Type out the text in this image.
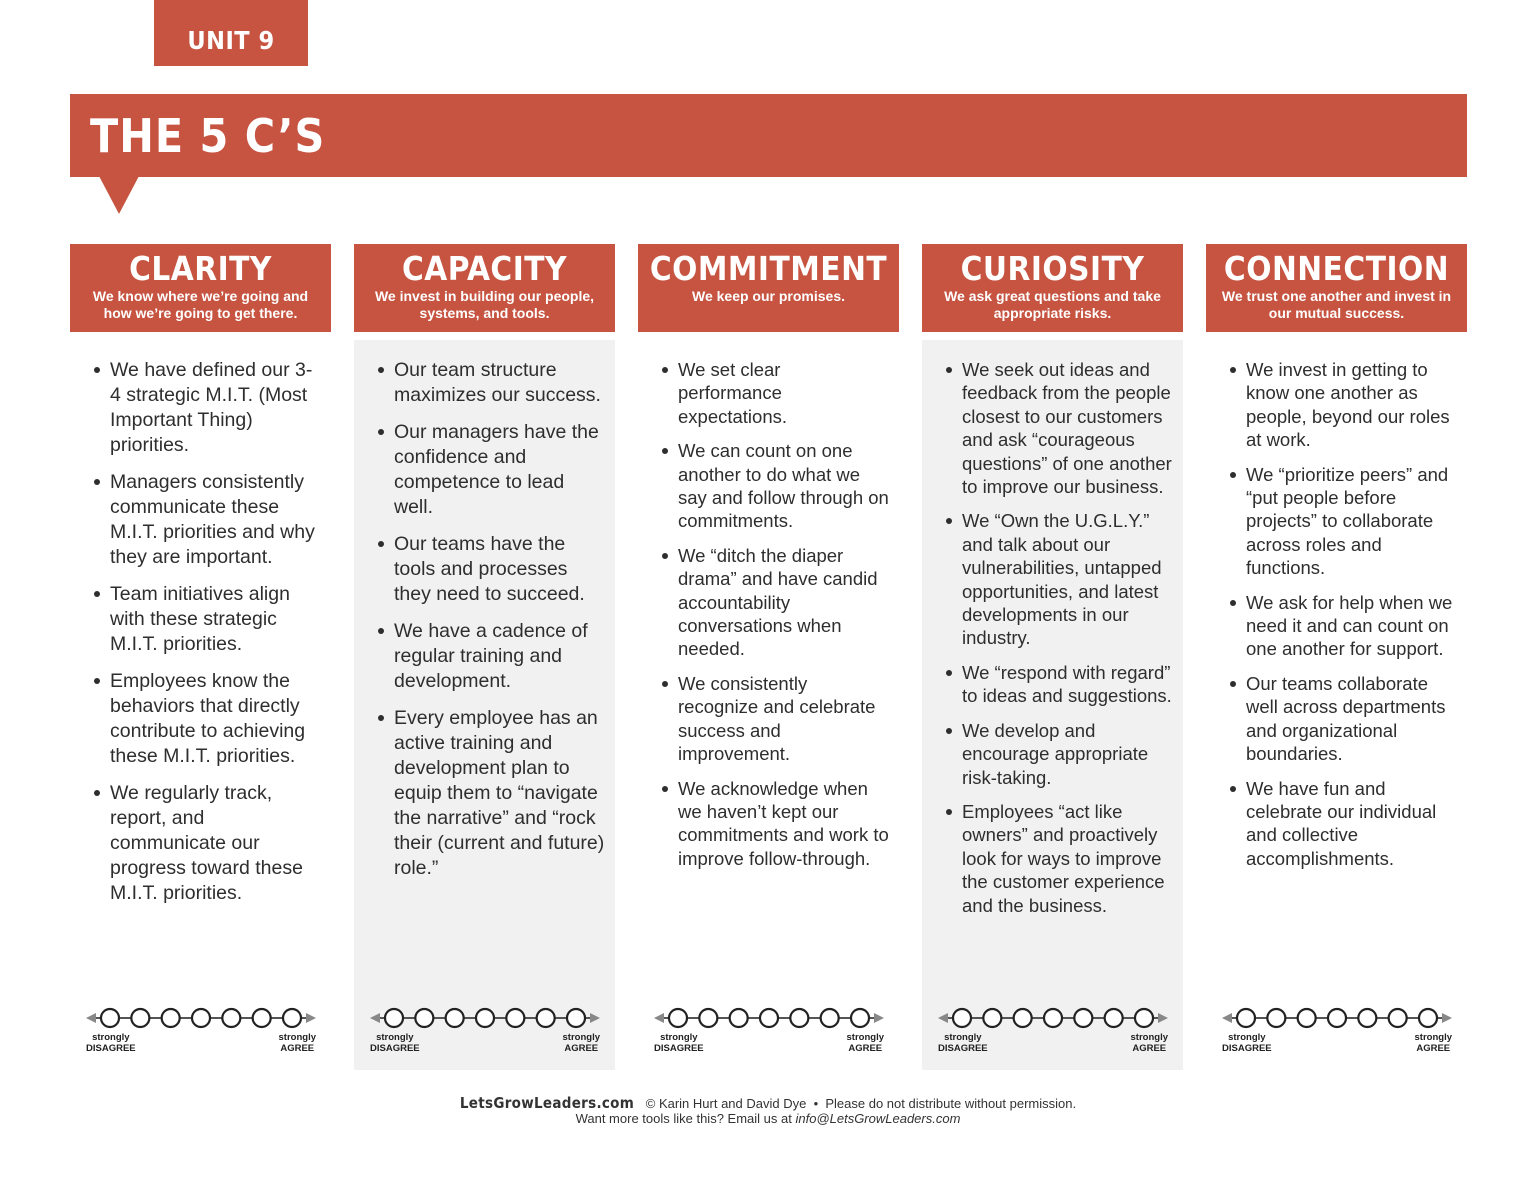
UNIT 9
THE 5 C’S
CLARITY
We know where we’re going and how we’re going to get there.
We have defined our 3-4 strategic M.I.T. (Most Important Thing) priorities.
Managers consistently communicate these M.I.T. priorities and why they are important.
Team initiatives align with these strategic M.I.T. priorities.
Employees know the behaviors that directly contribute to achieving these M.I.T. priorities.
We regularly track, report, and communicate our progress toward these M.I.T. priorities.
strongly
DISAGREE
strongly
AGREE
CAPACITY
We invest in building our people, systems, and tools.
Our team structure maximizes our success.
Our managers have the confidence and competence to lead well.
Our teams have the tools and processes they need to succeed.
We have a cadence of regular training and development.
Every employee has an active training and development plan to equip them to “navigate the narrative” and “rock their (current and future) role.”
strongly
DISAGREE
strongly
AGREE
COMMITMENT
We keep our promises.
We set clear performance expectations.
We can count on one another to do what we say and follow through on commitments.
We “ditch the diaper drama” and have candid accountability conversations when needed.
We consistently recognize and celebrate success and improvement.
We acknowledge when we haven’t kept our commitments and work to improve follow-through.
strongly
DISAGREE
strongly
AGREE
CURIOSITY
We ask great questions and take appropriate risks.
We seek out ideas and feedback from the people closest to our customers and ask “courageous questions” of one another to improve our business.
We “Own the U.G.L.Y.” and talk about our vulnerabilities, untapped opportunities, and latest developments in our industry.
We “respond with regard” to ideas and suggestions.
We develop and encourage appropriate risk-taking.
Employees “act like owners” and proactively look for ways to improve the customer experience and the business.
strongly
DISAGREE
strongly
AGREE
CONNECTION
We trust one another and invest in our mutual success.
We invest in getting to know one another as people, beyond our roles at work.
We “prioritize peers” and “put people before projects” to collaborate across roles and functions.
We ask for help when we need it and can count on one another for support.
Our teams collaborate well across departments and organizational boundaries.
We have fun and celebrate our individual and collective accomplishments.
strongly
DISAGREE
strongly
AGREE
LetsGrowLeaders.com © Karin Hurt and David Dye  •  Please do not distribute without permission.
Want more tools like this? Email us at info@LetsGrowLeaders.com
